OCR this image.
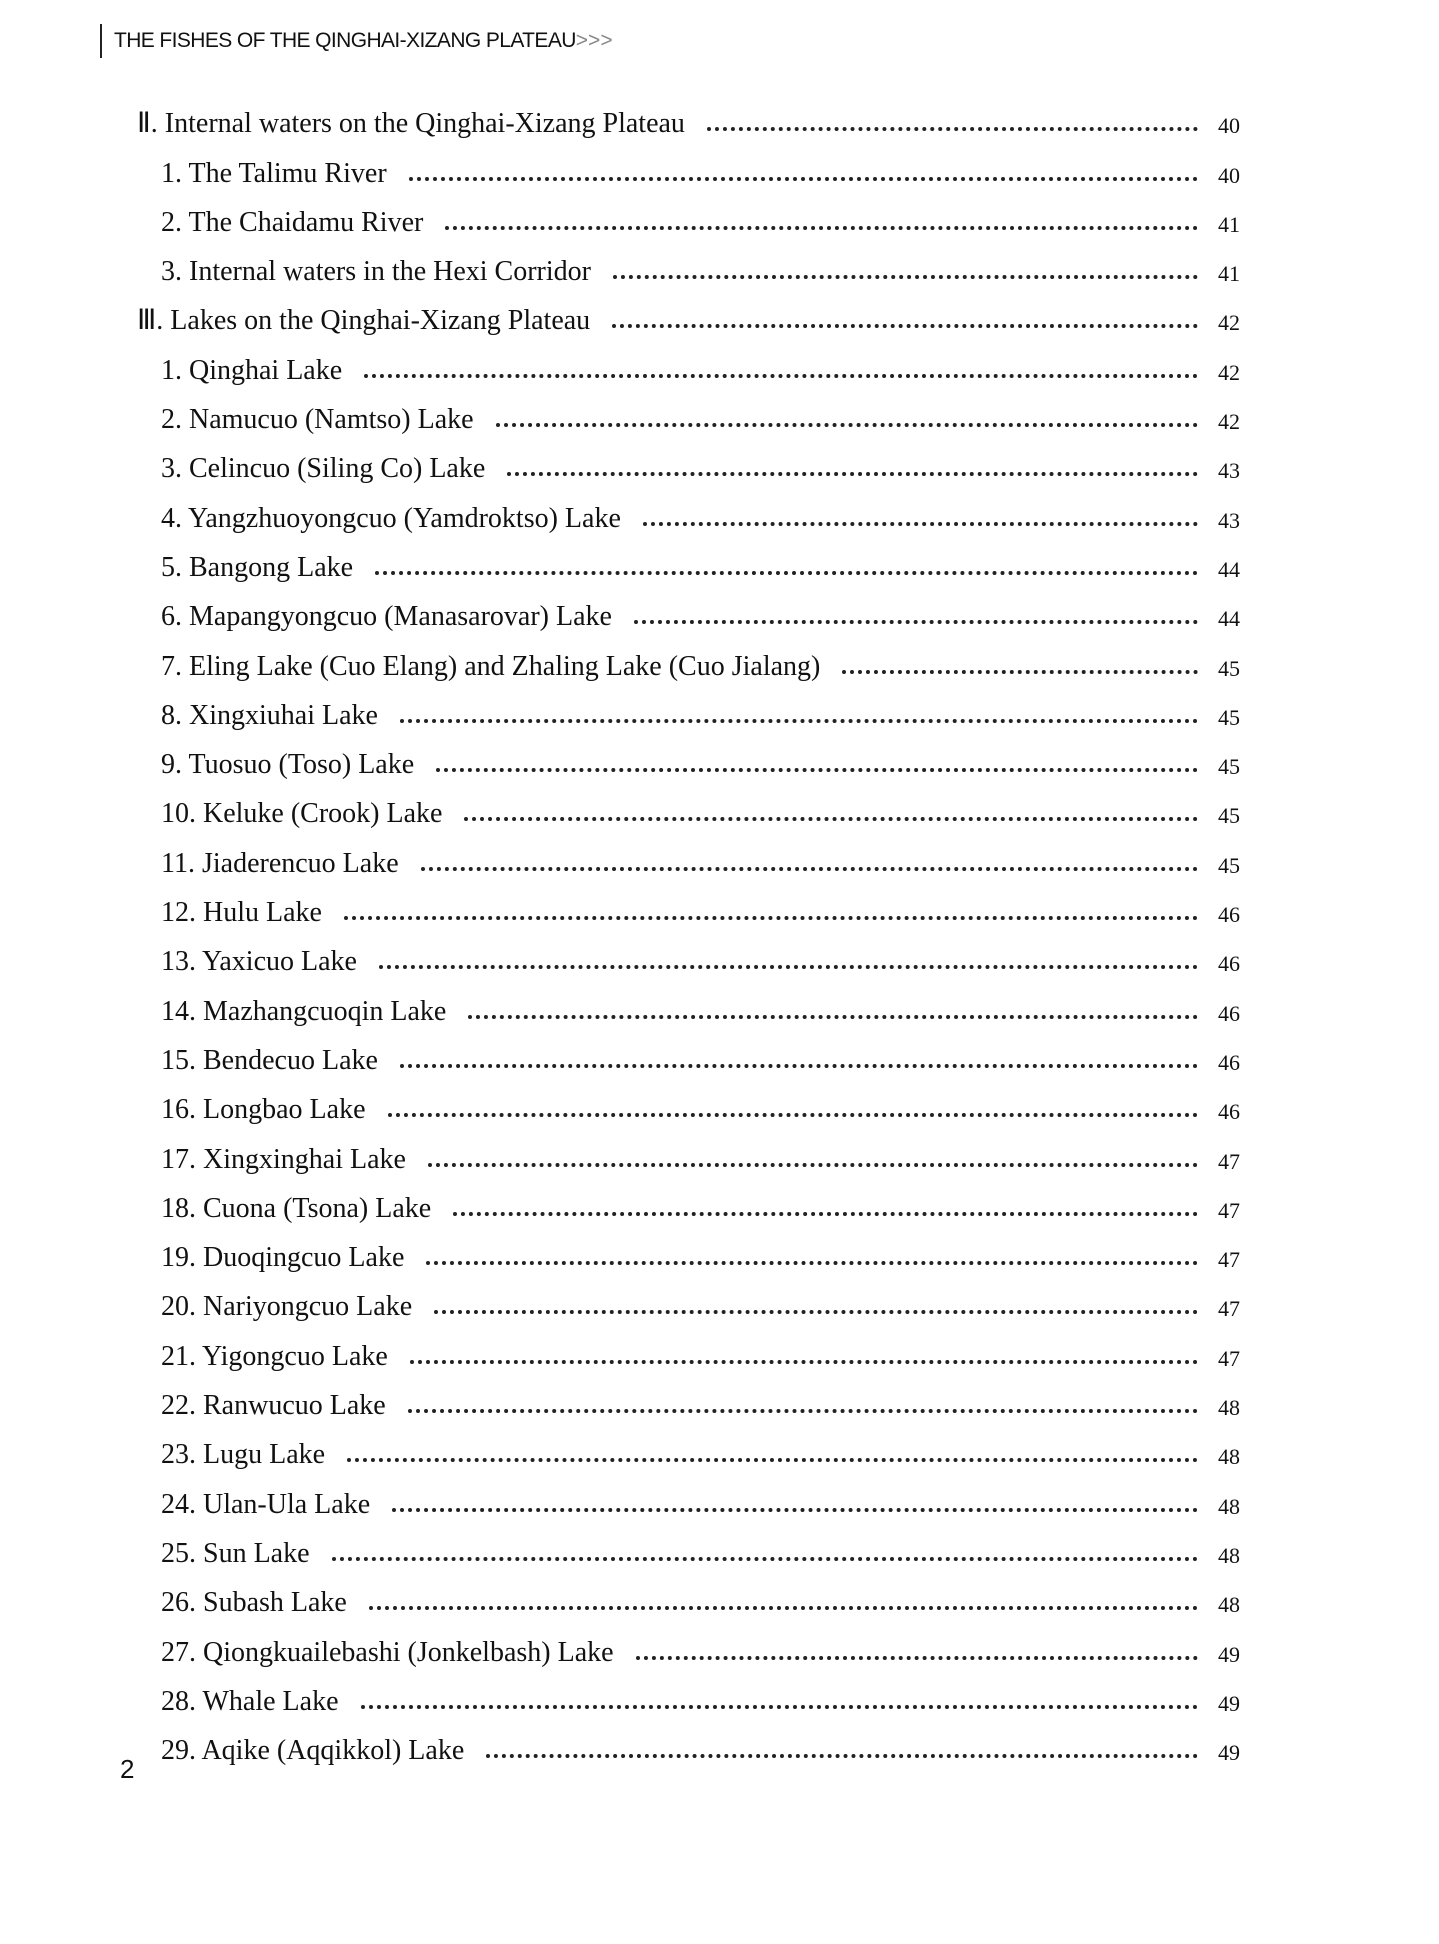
THE FISHES OF THE QINGHAI-XIZANG PLATEAU>>>
Ⅱ. Internal waters on the Qinghai-Xizang Plateau	40
1. The Talimu River	40
2. The Chaidamu River	41
3. Internal waters in the Hexi Corridor	41
Ⅲ. Lakes on the Qinghai-Xizang Plateau	42
1. Qinghai Lake	42
2. Namucuo (Namtso) Lake	42
3. Celincuo (Siling Co) Lake	43
4. Yangzhuoyongcuo (Yamdroktso) Lake	43
5. Bangong Lake	44
6. Mapangyongcuo (Manasarovar) Lake	44
7. Eling Lake (Cuo Elang) and Zhaling Lake (Cuo Jialang)	45
8. Xingxiuhai Lake	45
9. Tuosuo (Toso) Lake	45
10. Keluke (Crook) Lake	45
11. Jiaderencuo Lake	45
12. Hulu Lake	46
13. Yaxicuo Lake	46
14. Mazhangcuoqin Lake	46
15. Bendecuo Lake	46
16. Longbao Lake	46
17. Xingxinghai Lake	47
18. Cuona (Tsona) Lake	47
19. Duoqingcuo Lake	47
20. Nariyongcuo Lake	47
21. Yigongcuo Lake	47
22. Ranwucuo Lake	48
23. Lugu Lake	48
24. Ulan-Ula Lake	48
25. Sun Lake	48
26. Subash Lake	48
27. Qiongkuailebashi (Jonkelbash) Lake	49
28. Whale Lake	49
29. Aqike (Aqqikkol) Lake	49
2
